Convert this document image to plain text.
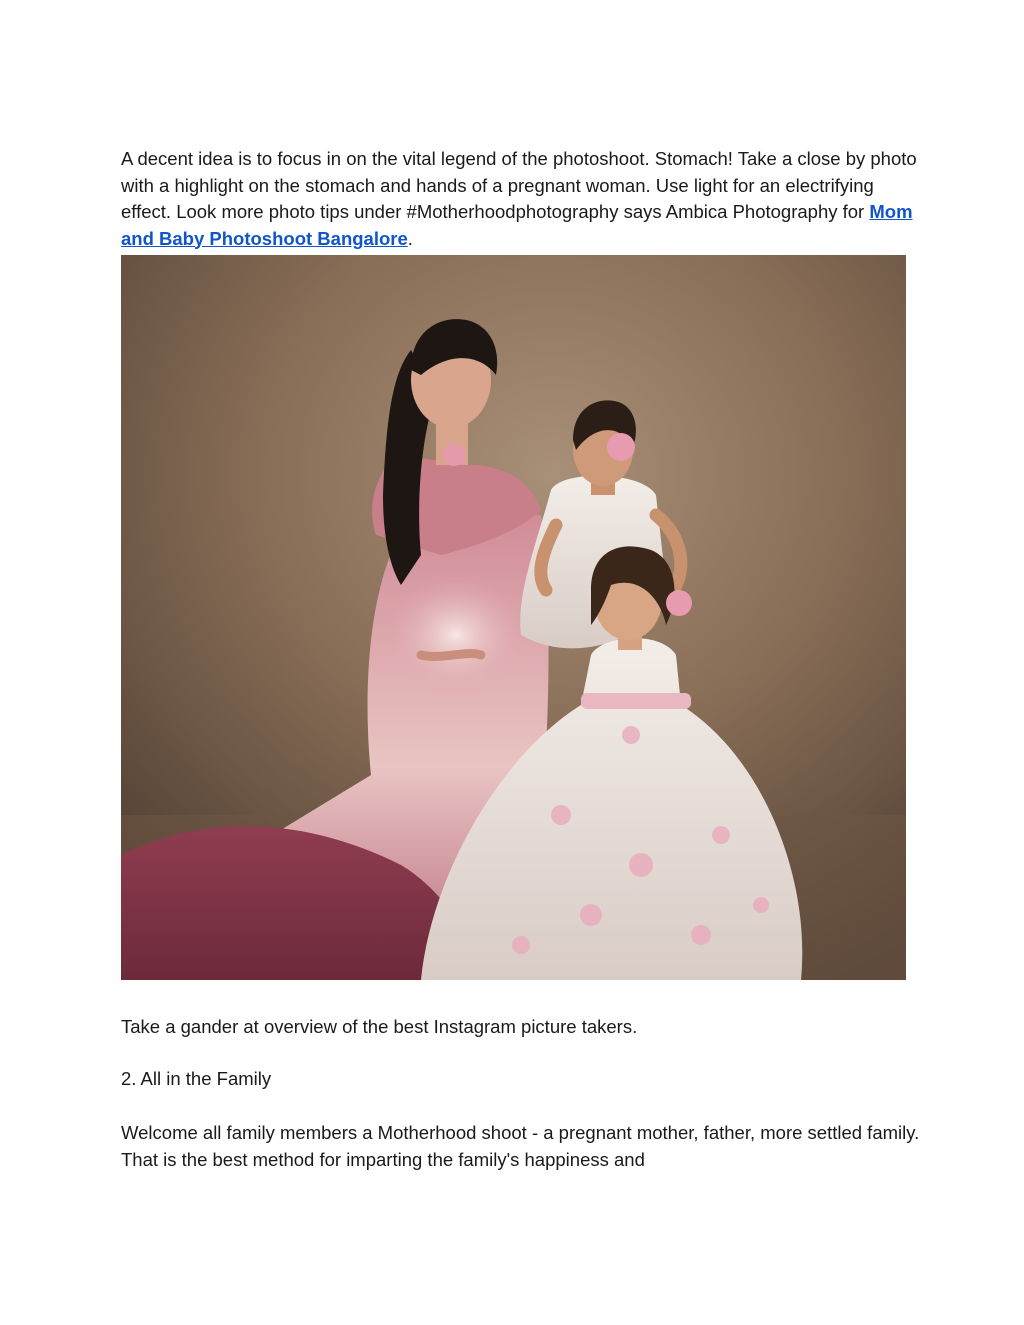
A decent idea is to focus in on the vital legend of the photoshoot. Stomach! Take a close by photo with a highlight on the stomach and hands of a pregnant woman. Use light for an electrifying effect. Look more photo tips under #Motherhoodphotography says Ambica Photography for Mom and Baby Photoshoot Bangalore.

Take a gander at overview of the best Instagram picture takers.

2. All in the Family

Welcome all family members a Motherhood shoot - a pregnant mother, father, more settled family. That is the best method for imparting the family's happiness and
